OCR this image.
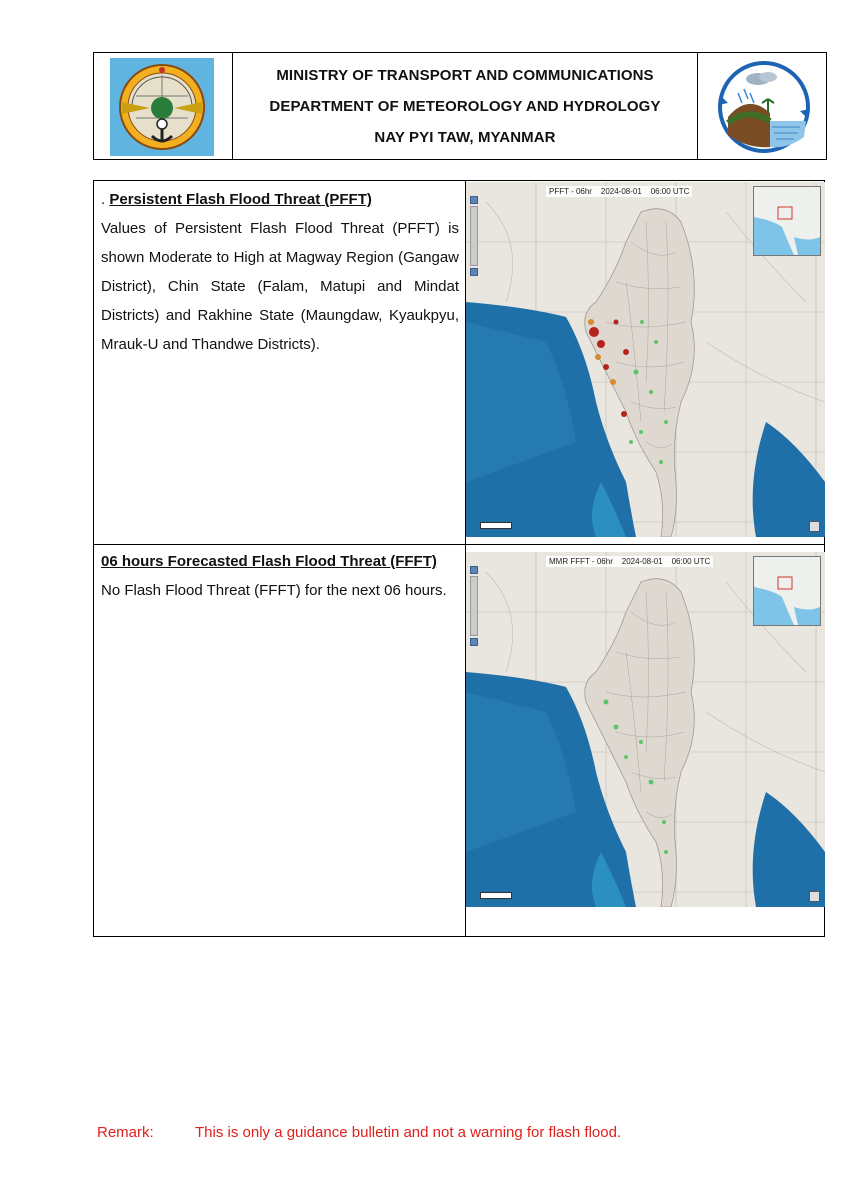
MINISTRY OF TRANSPORT AND COMMUNICATIONS
DEPARTMENT OF METEOROLOGY AND HYDROLOGY
NAY PYI TAW, MYANMAR
. Persistent Flash Flood Threat (PFFT)
Values of Persistent Flash Flood Threat (PFFT) is shown Moderate to High at Magway Region (Gangaw District), Chin State (Falam, Matupi and Mindat Districts) and Rakhine State (Maungdaw, Kyaukpyu, Mrauk-U and Thandwe Districts).
PFFT - 06hr 2024-08-01 06:00 UTC
06 hours Forecasted Flash Flood Threat (FFFT)
No Flash Flood Threat (FFFT) for the next 06 hours.
MMR FFFT - 06hr 2024-08-01 06:00 UTC
Remark:	This is only a guidance bulletin and not a warning for flash flood.
